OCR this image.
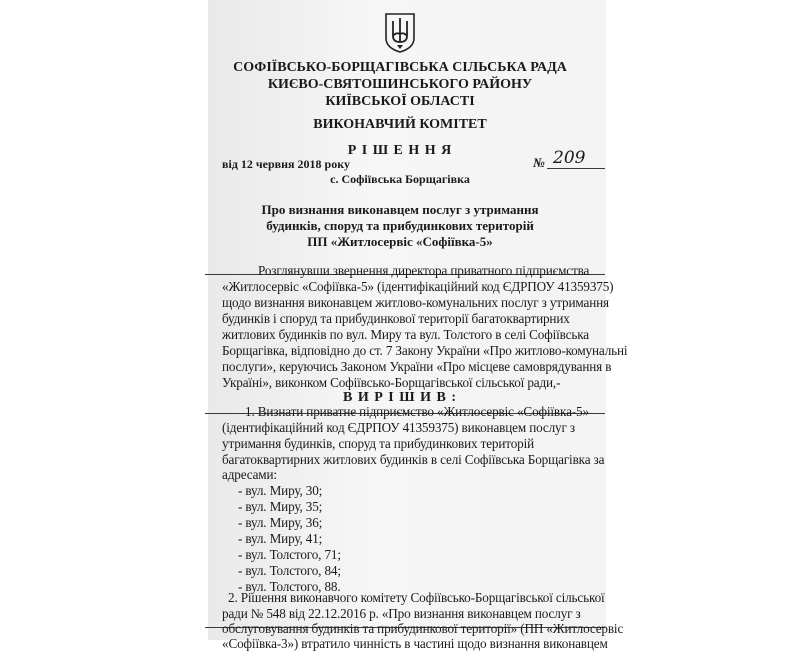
СОФІЇВСЬКО-БОРЩАГІВСЬКА СІЛЬСЬКА РАДА
КИЄВО-СВЯТОШИНСЬКОГО РАЙОНУ
КИЇВСЬКОЇ ОБЛАСТІ
ВИКОНАВЧИЙ КОМІТЕТ
Р І Ш Е Н Н Я
від 12 червня 2018 року	№ 209
с. Софіївська Борщагівка
Про визнання виконавцем послуг з утримання
будинків, споруд та прибудинкових територій
ПП «Житлосервіс «Софіївка-5»
Розглянувши звернення директора приватного підприємства
«Житлосервіс «Софіївка-5» (ідентифікаційний код ЄДРПОУ 41359375)
щодо визнання виконавцем житлово-комунальних послуг з утримання
будинків і споруд та прибудинкової території багатоквартирних
житлових будинків по вул. Миру та вул. Толстого в селі Софіївська
Борщагівка, відповідно до ст. 7 Закону України «Про житлово-комунальні
послуги», керуючись Законом України «Про місцеве самоврядування в
Україні», виконком Софіївсько-Борщагівської сільської ради,-
В И Р І Ш И В :
1. Визнати приватне підприємство «Житлосервіс «Софіївка-5»
(ідентифікаційний код ЄДРПОУ 41359375) виконавцем послуг з
утримання будинків, споруд та прибудинкових територій
багатоквартирних житлових будинків в селі Софіївська Борщагівка за
адресами:
- вул. Миру, 30;
- вул. Миру, 35;
- вул. Миру, 36;
- вул. Миру, 41;
- вул. Толстого, 71;
- вул. Толстого, 84;
- вул. Толстого, 88.
2. Рішення виконавчого комітету Софіївсько-Борщагівської сільської
ради № 548 від 22.12.2016 р. «Про визнання виконавцем послуг з
обслуговування будинків та прибудинкової території» (ПП «Житлосервіс
«Софіївка-3») втратило чинність в частині щодо визнання виконавцем
